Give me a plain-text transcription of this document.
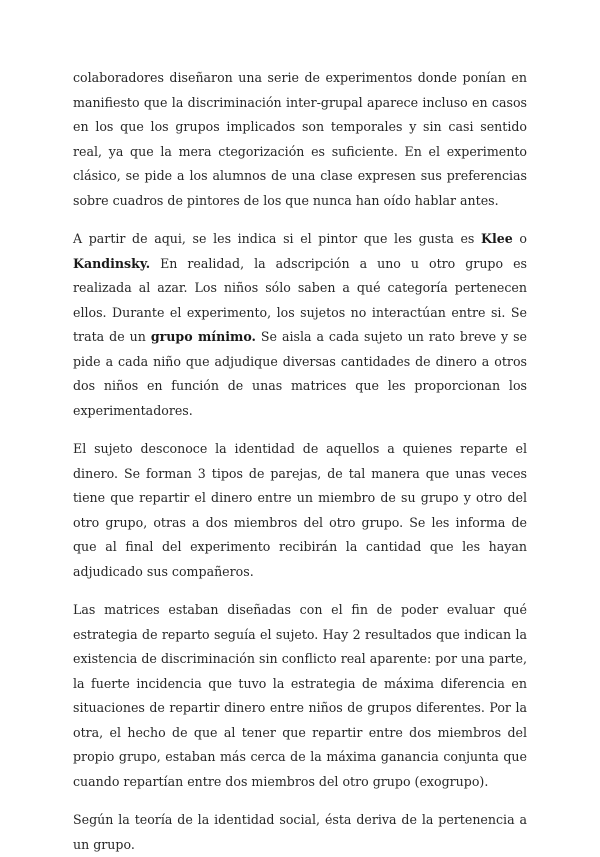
colaboradores diseñaron una serie de experimentos donde ponían en manifiesto que la discriminación inter-grupal aparece incluso en casos en los que los grupos implicados son temporales y sin casi sentido real, ya que la mera ctegorización es suficiente. En el experimento clásico, se pide a los alumnos de una clase expresen sus preferencias sobre cuadros de pintores de los que nunca han oído hablar antes.

A partir de aqui, se les indica si el pintor que les gusta es Klee o Kandinsky. En realidad, la adscripción a uno u otro grupo es realizada al azar. Los niños sólo saben a qué categoría pertenecen ellos. Durante el experimento, los sujetos no interactúan entre si. Se trata de un grupo mínimo. Se aisla a cada sujeto un rato breve y se pide a cada niño que adjudique diversas cantidades de dinero a otros dos niños en función de unas matrices que les proporcionan los experimentadores.

El sujeto desconoce la identidad de aquellos a quienes reparte el dinero. Se forman 3 tipos de parejas, de tal manera que unas veces tiene que repartir el dinero entre un miembro de su grupo y otro del otro grupo, otras a dos miembros del otro grupo. Se les informa de que al final del experimento recibirán la cantidad que les hayan adjudicado sus compañeros.

Las matrices estaban diseñadas con el fin de poder evaluar qué estrategia de reparto seguía el sujeto. Hay 2 resultados que indican la existencia de discriminación sin conflicto real aparente: por una parte, la fuerte incidencia que tuvo la estrategia de máxima diferencia en situaciones de repartir dinero entre niños de grupos diferentes. Por la otra, el hecho de que al tener que repartir entre dos miembros del propio grupo, estaban más cerca de la máxima ganancia conjunta que cuando repartían entre dos miembros del otro grupo (exogrupo).

Según la teoría de la identidad social, ésta deriva de la pertenencia a un grupo.
